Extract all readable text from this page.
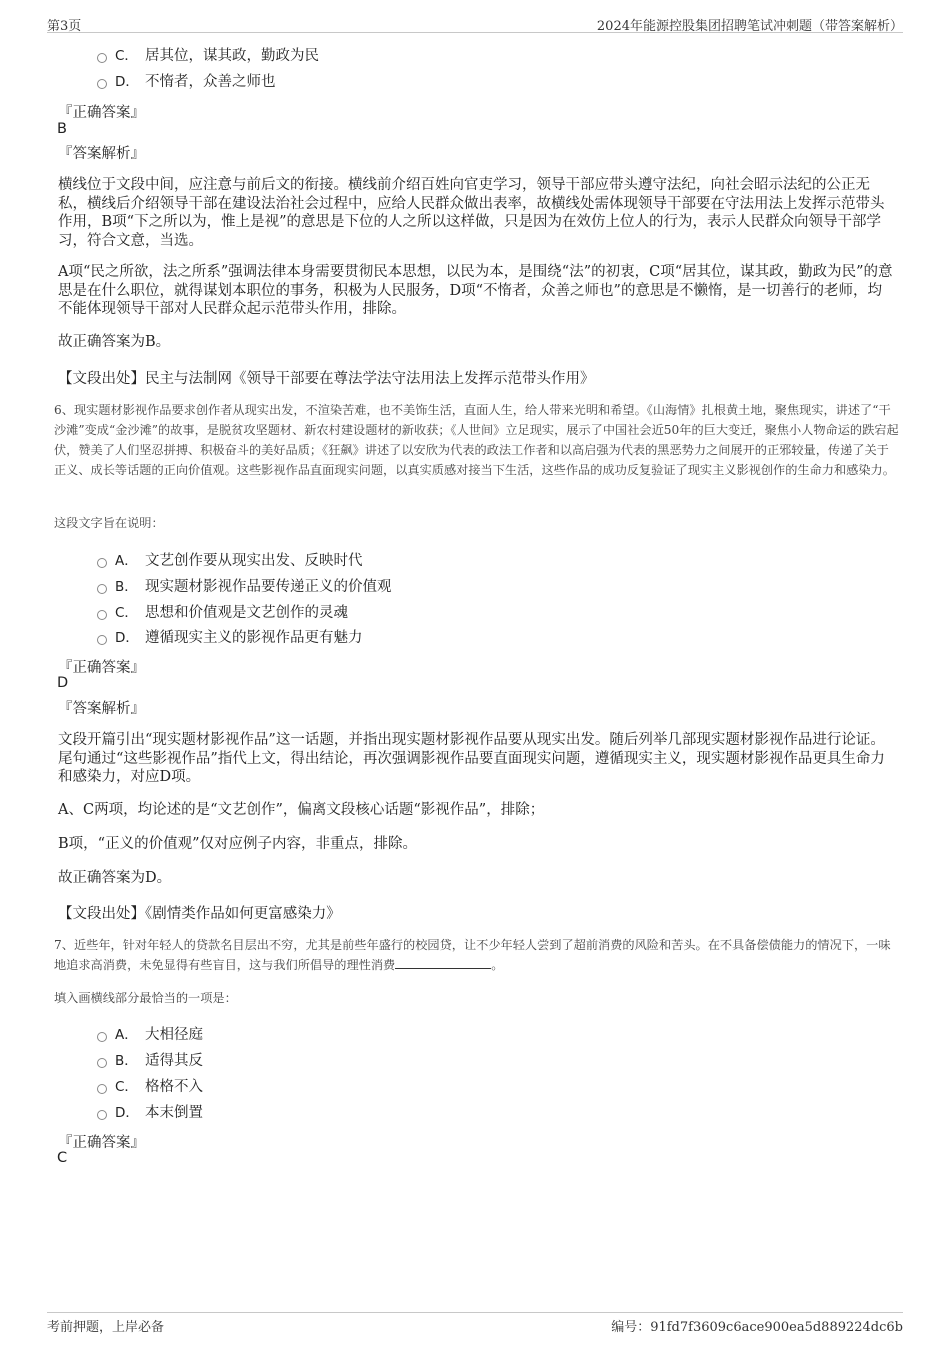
第3页	2024年能源控股集团招聘笔试冲刺题（带答案解析）
C． 居其位，谋其政，勤政为民
D． 不惰者，众善之师也
『正确答案』
B
『答案解析』
横线位于文段中间，应注意与前后文的衔接。横线前介绍百姓向官吏学习，领导干部应带头遵守法纪，向社会昭示法纪的公正无私，横线后介绍领导干部在建设法治社会过程中，应给人民群众做出表率，故横线处需体现领导干部要在守法用法上发挥示范带头作用，B项“下之所以为，惟上是视”的意思是下位的人之所以这样做，只是因为在效仿上位人的行为，表示人民群众向领导干部学习，符合文意，当选。
A项“民之所欲，法之所系”强调法律本身需要贯彻民本思想，以民为本，是围绕“法”的初衷，C项“居其位，谋其政，勤政为民”的意思是在什么职位，就得谋划本职位的事务，积极为人民服务，D项“不惰者，众善之师也”的意思是不懒惰，是一切善行的老师，均不能体现领导干部对人民群众起示范带头作用，排除。
故正确答案为B。
【文段出处】民主与法制网《领导干部要在尊法学法守法用法上发挥示范带头作用》
6、现实题材影视作品要求创作者从现实出发，不渲染苦难，也不美饰生活，直面人生，给人带来光明和希望。《山海情》扎根黄土地，聚焦现实，讲述了“干沙滩”变成“金沙滩”的故事，是脱贫攻坚题材、新农村建设题材的新收获；《人世间》立足现实，展示了中国社会近50年的巨大变迁，聚焦小人物命运的跌宕起伏，赞美了人们坚忍拼搏、积极奋斗的美好品质；《狂飙》讲述了以安欣为代表的政法工作者和以高启强为代表的黑恶势力之间展开的正邪较量，传递了关于正义、成长等话题的正向价值观。这些影视作品直面现实问题，以真实质感对接当下生活，这些作品的成功反复验证了现实主义影视创作的生命力和感染力。
这段文字旨在说明：
A． 文艺创作要从现实出发、反映时代
B． 现实题材影视作品要传递正义的价值观
C． 思想和价值观是文艺创作的灵魂
D． 遵循现实主义的影视作品更有魅力
『正确答案』
D
『答案解析』
文段开篇引出“现实题材影视作品”这一话题，并指出现实题材影视作品要从现实出发。随后列举几部现实题材影视作品进行论证。尾句通过“这些影视作品”指代上文，得出结论，再次强调影视作品要直面现实问题，遵循现实主义，现实题材影视作品更具生命力和感染力，对应D项。
A、C两项，均论述的是“文艺创作”，偏离文段核心话题“影视作品”，排除；
B项，“正义的价值观”仅对应例子内容，非重点，排除。
故正确答案为D。
【文段出处】《剧情类作品如何更富感染力》
7、近些年，针对年轻人的贷款名目层出不穷，尤其是前些年盛行的校园贷，让不少年轻人尝到了超前消费的风险和苦头。在不具备偿债能力的情况下，一味地追求高消费，未免显得有些盲目，这与我们所倡导的理性消费	。
填入画横线部分最恰当的一项是：
A． 大相径庭
B． 适得其反
C． 格格不入
D． 本末倒置
『正确答案』
C
考前押题，上岸必备	编号：91fd7f3609c6ace900ea5d889224dc6b
